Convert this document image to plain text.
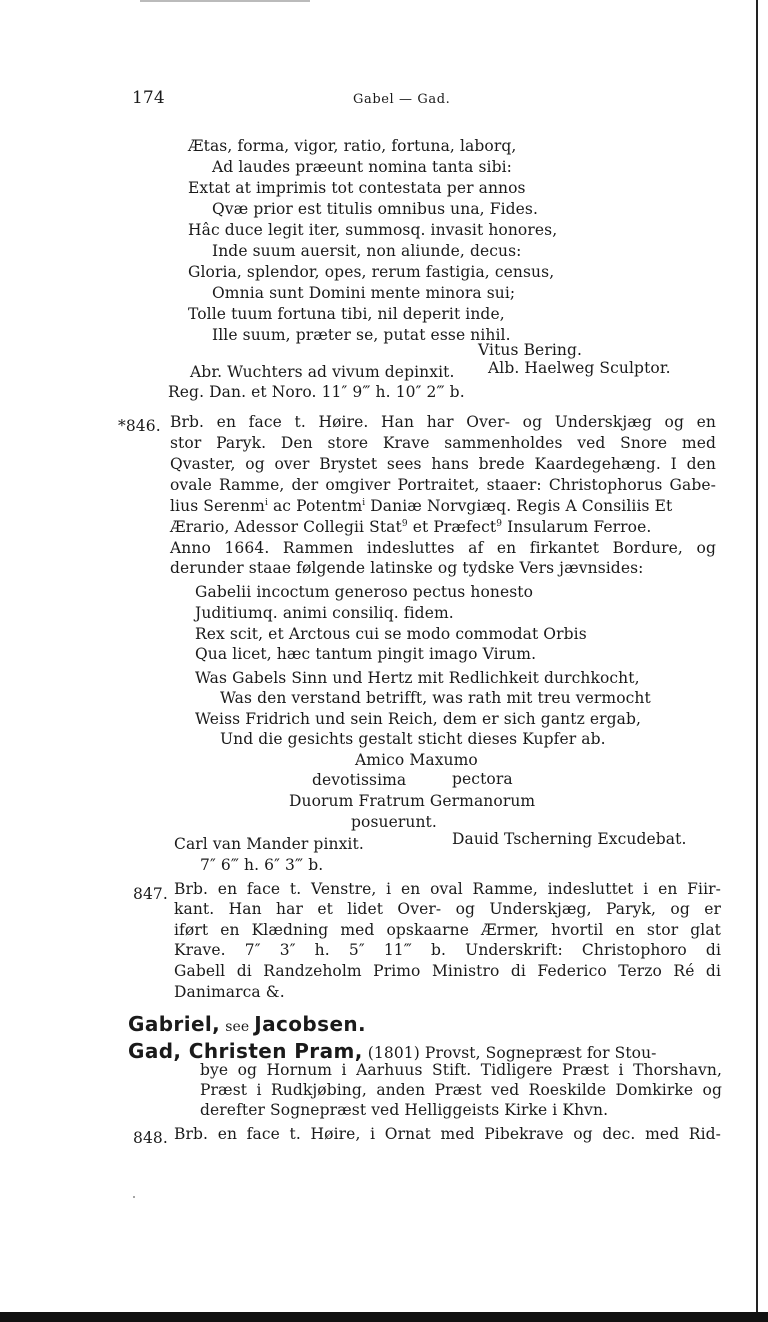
174	Gabel — Gad.
Ætas, forma, vigor, ratio, fortuna, laborq,
Ad laudes præeunt nomina tanta sibi:
Extat at imprimis tot contestata per annos
Qvæ prior est titulis omnibus una, Fides.
Hâc duce legit iter, summosq. invasit honores,
Inde suum auersit, non aliunde, decus:
Gloria, splendor, opes, rerum fastigia, census,
Omnia sunt Domini mente minora sui;
Tolle tuum fortuna tibi, nil deperit inde,
Ille suum, præter se, putat esse nihil.
Vitus Bering.
Abr. Wuchters ad vivum depinxit. Alb. Haelweg Sculptor.
Reg. Dan. et Noro. 11″ 9‴ h. 10″ 2‴ b.
*846. Brb. en face t. Høire. Han har Over- og Underskjæg og en
stor Paryk. Den store Krave sammenholdes ved Snore med
Qvaster, og over Brystet sees hans brede Kaardegehæng. I den
ovale Ramme, der omgiver Portraitet, staaer: Christophorus Gabe-
lius Serenm$^i$ ac Potentm$^i$ Daniæ Norvgiæq. Regis A Consiliis Et
Ærario, Adessor Collegii Stat$^9$ et Præfect$^9$ Insularum Ferroe.
Anno 1664. Rammen indesluttes af en firkantet Bordure, og
derunder staae følgende latinske og tydske Vers jævnsides:
Gabelii incoctum generoso pectus honesto
Juditiumq. animi consiliq. fidem.
Rex scit, et Arctous cui se modo commodat Orbis
Qua licet, hæc tantum pingit imago Virum.
Was Gabels Sinn und Hertz mit Redlichkeit durchkocht,
Was den verstand betrifft, was rath mit treu vermocht
Weiss Fridrich und sein Reich, dem er sich gantz ergab,
Und die gesichts gestalt sticht dieses Kupfer ab.
Amico Maxumo
devotissima	pectora
Duorum Fratrum Germanorum
posuerunt.
Carl van Mander pinxit.	Dauid Tscherning Excudebat.
7″ 6‴ h. 6″ 3‴ b.
847. Brb. en face t. Venstre, i en oval Ramme, indesluttet i en Fiir-
kant. Han har et lidet Over- og Underskjæg, Paryk, og er
iført en Klædning med opskaarne Ærmer, hvortil en stor glat
Krave. 7″ 3″ h. 5″ 11‴ b. Underskrift: Christophoro di
Gabell di Randzeholm Primo Ministro di Federico Terzo Ré di
Danimarca &.
Gabriel, see Jacobsen.
Gad, Christen Pram, (1801) Provst, Sognepræst for Stou-
bye og Hornum i Aarhuus Stift. Tidligere Præst i Thorshavn,
Præst i Rudkjøbing, anden Præst ved Roeskilde Domkirke og
derefter Sognepræst ved Helliggeists Kirke i Khvn.
848. Brb. en face t. Høire, i Ornat med Pibekrave og dec. med Rid-
